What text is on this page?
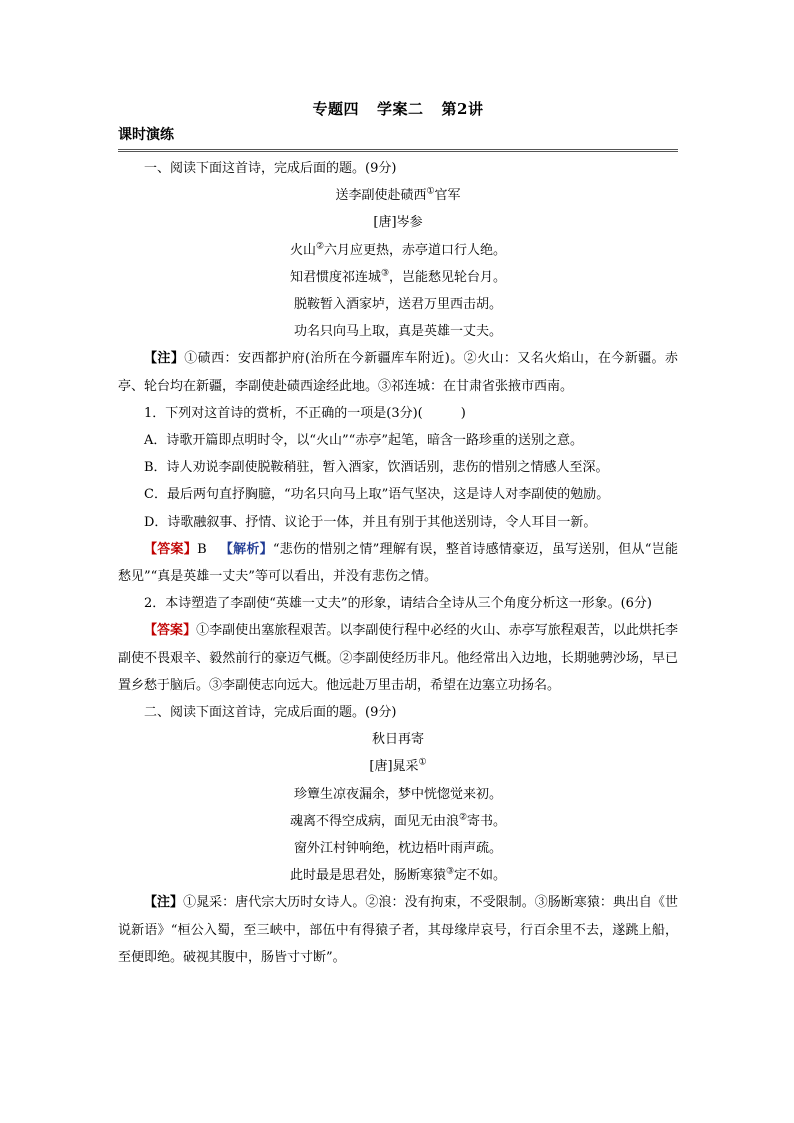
专题四 学案二 第2讲
课时演练

一、阅读下面这首诗，完成后面的题。(9分)

送李副使赴碛西①官军

[唐]岑参

火山②六月应更热，赤亭道口行人绝。

知君惯度祁连城③，岂能愁见轮台月。

脱鞍暂入酒家垆，送君万里西击胡。

功名只向马上取，真是英雄一丈夫。

【注】①碛西：安西都护府(治所在今新疆库车附近)。②火山：又名火焰山，在今新疆。赤亭、轮台均在新疆，李副使赴碛西途经此地。③祁连城：在甘肃省张掖市西南。

1．下列对这首诗的赏析，不正确的一项是(3分)(	)

A．诗歌开篇即点明时令，以“火山”“赤亭”起笔，暗含一路珍重的送别之意。

B．诗人劝说李副使脱鞍稍驻，暂入酒家，饮酒话别，悲伤的惜别之情感人至深。

C．最后两句直抒胸臆，“功名只向马上取”语气坚决，这是诗人对李副使的勉励。

D．诗歌融叙事、抒情、议论于一体，并且有别于其他送别诗，令人耳目一新。

【答案】B 【解析】“悲伤的惜别之情”理解有误，整首诗感情豪迈，虽写送别，但从“岂能愁见”“真是英雄一丈夫”等可以看出，并没有悲伤之情。

2．本诗塑造了李副使“英雄一丈夫”的形象，请结合全诗从三个角度分析这一形象。(6分)

【答案】①李副使出塞旅程艰苦。以李副使行程中必经的火山、赤亭写旅程艰苦，以此烘托李副使不畏艰辛、毅然前行的豪迈气概。②李副使经历非凡。他经常出入边地，长期驰骋沙场，早已置乡愁于脑后。③李副使志向远大。他远赴万里击胡，希望在边塞立功扬名。

二、阅读下面这首诗，完成后面的题。(9分)

秋日再寄

[唐]晁采①

珍簟生凉夜漏余，梦中恍惚觉来初。

魂离不得空成病，面见无由浪②寄书。

窗外江村钟响绝，枕边梧叶雨声疏。

此时最是思君处，肠断寒猿③定不如。

【注】①晁采：唐代宗大历时女诗人。②浪：没有拘束，不受限制。③肠断寒猿：典出自《世说新语》“桓公入蜀，至三峡中，部伍中有得猿子者，其母缘岸哀号，行百余里不去，遂跳上船，至便即绝。破视其腹中，肠皆寸寸断”。
